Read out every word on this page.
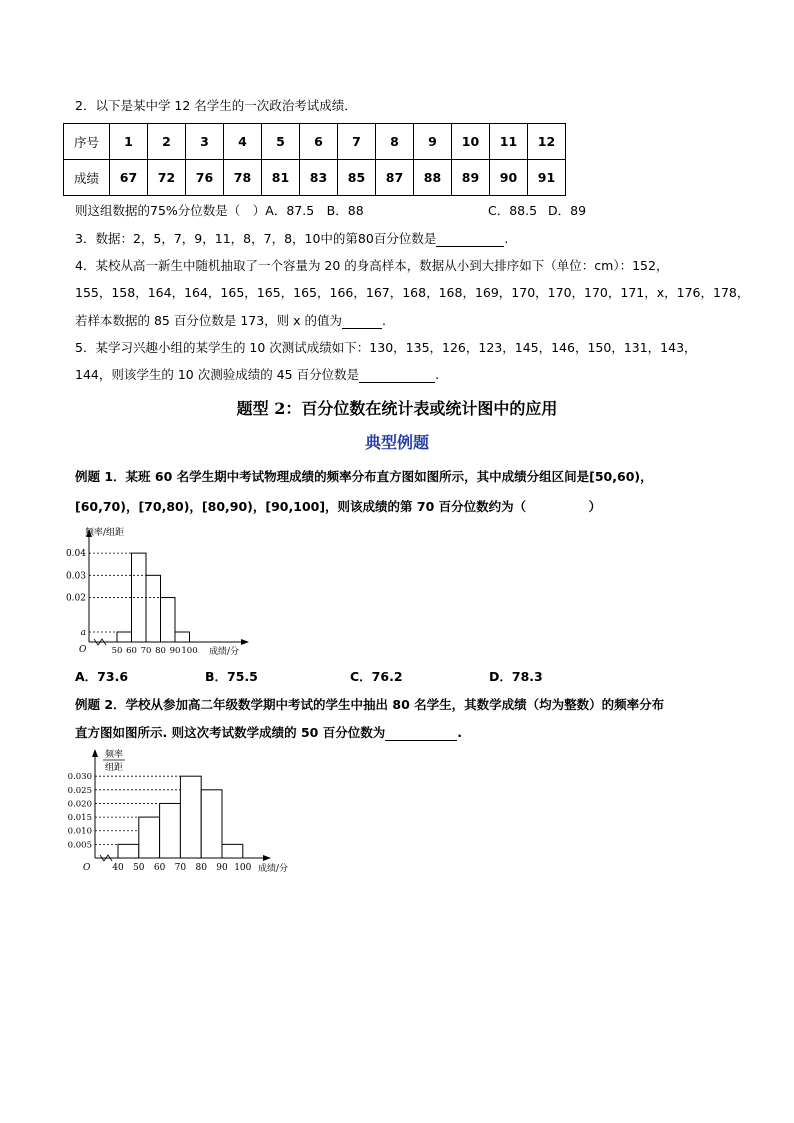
2．以下是某中学 12 名学生的一次政治考试成绩．
序号	1	2	3	4	5	6	7	8	9	10	11	12
成绩	67	72	76	78	81	83	85	87	88	89	90	91
则这组数据的75%分位数是（　）A．87.5　B．88	C．88.5 D．89
3．数据：2，5，7，9，11，8，7，8，10中的第80百分位数是	.
4．某校从高一新生中随机抽取了一个容量为 20 的身高样本，数据从小到大排序如下（单位：cm）：152，
155，158，164，164，165，165，165，166，167，168，168，169，170，170，170，171，x，176，178，
若样本数据的 85 百分位数是 173，则 x 的值为	.
5．某学习兴趣小组的某学生的 10 次测试成绩如下：130，135，126，123，145，146，150，131，143，
144，则该学生的 10 次测验成绩的 45 百分位数是	.
题型 2：百分位数在统计表或统计图中的应用
典型例题
例题 1．某班 60 名学生期中考试物理成绩的频率分布直方图如图所示，其中成绩分组区间是[50,60)，
[60,70)，[70,80)，[80,90)，[90,100]，则该成绩的第 70 百分位数约为（　　　　　）
a
0.02
0.03
0.04
50 60 70 80 90 100 成绩/分
频率/组距
O
A．73.6	B．75.5	C．76.2	D．78.3
例题 2．学校从参加高二年级数学期中考试的学生中抽出 80 名学生，其数学成绩（均为整数）的频率分布
直方图如图所示. 则这次考试数学成绩的 50 百分位数为	.
0.005
0.010
0.015
0.020
0.025
0.030
40 50 60 70 80 90 100 成绩/分
频率
组距
O
